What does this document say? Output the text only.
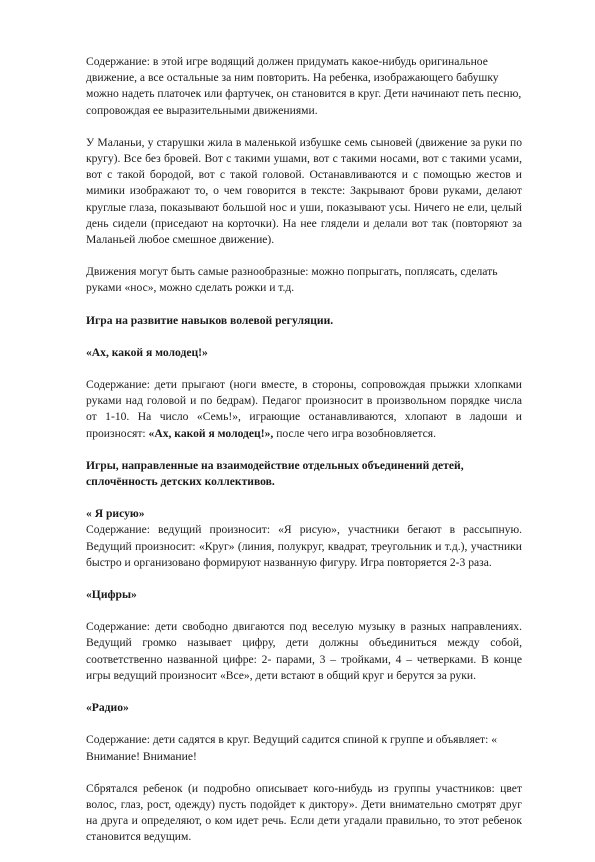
Содержание: в этой игре водящий должен придумать какое-нибудь оригинальное движение, а все остальные за ним повторить. На ребенка, изображающего бабушку можно надеть платочек или фартучек, он становится в круг. Дети начинают петь песню, сопровождая ее выразительными движениями.

У Маланьи, у старушки жила в маленькой избушке семь сыновей (движение за руки по кругу). Все без бровей. Вот с такими ушами, вот с такими носами, вот с такими усами, вот с такой бородой, вот с такой головой. Останавливаются и с помощью жестов и мимики изображают то, о чем говорится в тексте: Закрывают брови руками, делают круглые глаза, показывают большой нос и уши, показывают усы. Ничего не ели, целый день сидели (приседают на корточки). На нее глядели и делали вот так (повторяют за Маланьей любое смешное движение).

Движения могут быть самые разнообразные: можно попрыгать, поплясать, сделать руками «нос», можно сделать рожки и т.д.

Игра на развитие навыков волевой регуляции.

«Ах, какой я молодец!»

Содержание: дети прыгают (ноги вместе, в стороны, сопровождая прыжки хлопками руками над головой и по бедрам). Педагог произносит в произвольном порядке числа от 1-10. На число «Семь!», играющие останавливаются, хлопают в ладоши и произносят: «Ах, какой я молодец!», после чего игра возобновляется.

Игры, направленные на взаимодействие отдельных объединений детей, сплочённость детских коллективов.

« Я рисую»

Содержание: ведущий произносит: «Я рисую», участники бегают в рассыпную. Ведущий произносит: «Круг» (линия, полукруг, квадрат, треугольник и т.д.), участники быстро и организовано формируют названную фигуру. Игра повторяется 2-3 раза.

«Цифры»

Содержание: дети свободно двигаются под веселую музыку в разных направлениях. Ведущий громко называет цифру, дети должны объединиться между собой, соответственно названной цифре: 2- парами, 3 – тройками, 4 – четверками. В конце игры ведущий произносит «Все», дети встают в общий круг и берутся за руки.

«Радио»

Содержание: дети садятся в круг. Ведущий садится спиной к группе и объявляет: « Внимание! Внимание!

Сбрятался ребенок (и подробно описывает кого-нибудь из группы участников: цвет волос, глаз, рост, одежду) пусть подойдет к диктору». Дети внимательно смотрят друг на друга и определяют, о ком идет речь. Если дети угадали правильно, то этот ребенок становится ведущим.
